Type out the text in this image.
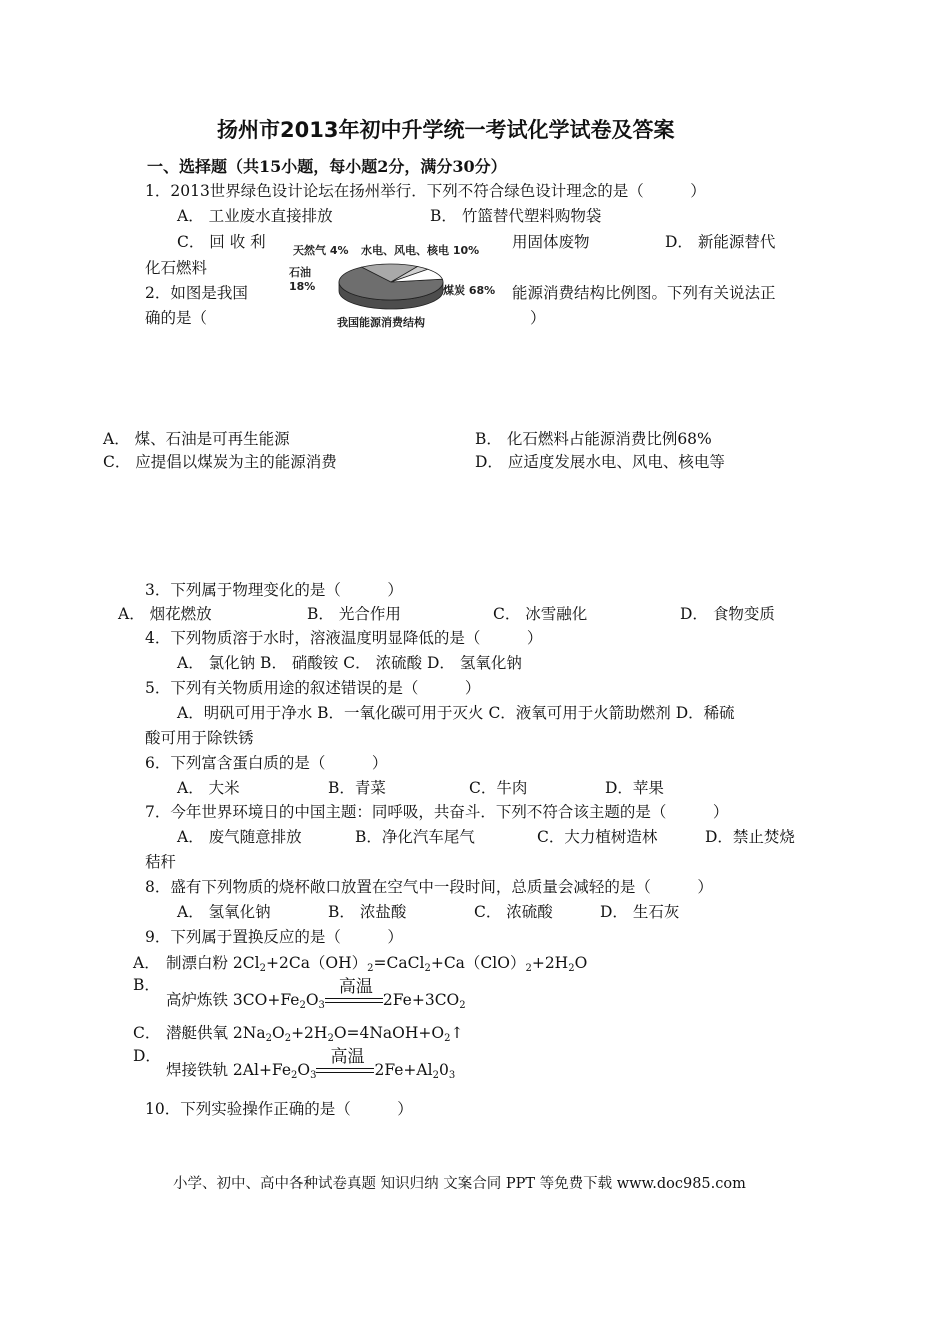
扬州市2013年初中升学统一考试化学试卷及答案
一、选择题（共15小题，每小题2分，满分30分）
1．2013世界绿色设计论坛在扬州举行．下列不符合绿色设计理念的是（　　　）
A． 工业废水直接排放	B． 竹篮替代塑料购物袋
C． 回 收 利	用固体废物	D． 新能源替代
化石燃料
2．如图是我国	能源消费结构比例图。下列有关说法正
确的是（	）
天然气 4% 水电、风电、核电 10%
石油
18%	煤炭 68%
我国能源消费结构
A． 煤、石油是可再生能源	B． 化石燃料占能源消费比例68%
C． 应提倡以煤炭为主的能源消费	D． 应适度发展水电、风电、核电等
3．下列属于物理变化的是（　　　）
A． 烟花燃放	B． 光合作用	C． 冰雪融化	D． 食物变质
4．下列物质溶于水时，溶液温度明显降低的是（　　　）
A． 氯化钠 B． 硝酸铵 C． 浓硫酸 D． 氢氧化钠
5．下列有关物质用途的叙述错误的是（　　　）
A．明矾可用于净水 B．一氧化碳可用于灭火 C．液氧可用于火箭助燃剂 D．稀硫
酸可用于除铁锈
6．下列富含蛋白质的是（　　　）
A． 大米	B．青菜	C．牛肉	D．苹果
7．今年世界环境日的中国主题：同呼吸，共奋斗．下列不符合该主题的是（　　　）
A． 废气随意排放	B．净化汽车尾气	C．大力植树造林	D．禁止焚烧
秸秆
8．盛有下列物质的烧杯敞口放置在空气中一段时间，总质量会减轻的是（　　　）
A． 氢氧化钠	B． 浓盐酸	C． 浓硫酸	D． 生石灰
9．下列属于置换反应的是（　　　）
A． 制漂白粉 $2Cl_2+2Ca(OH)_2=CaCl_2+Ca(ClO)_2+2H_2O$
B．
高炉炼铁 $3CO+Fe_2O_3$
高温
$2Fe+3CO_2$
C． 潜艇供氧 $2Na_2O_2+2H_2O=4NaOH+O_2↑$
D．
焊接铁轨 $2Al+Fe_2O_3$
高温
$2Fe+Al_20_3$
10．下列实验操作正确的是（　　　）
小学、初中、高中各种试卷真题 知识归纳 文案合同 PPT 等免费下载 www.doc985.com
